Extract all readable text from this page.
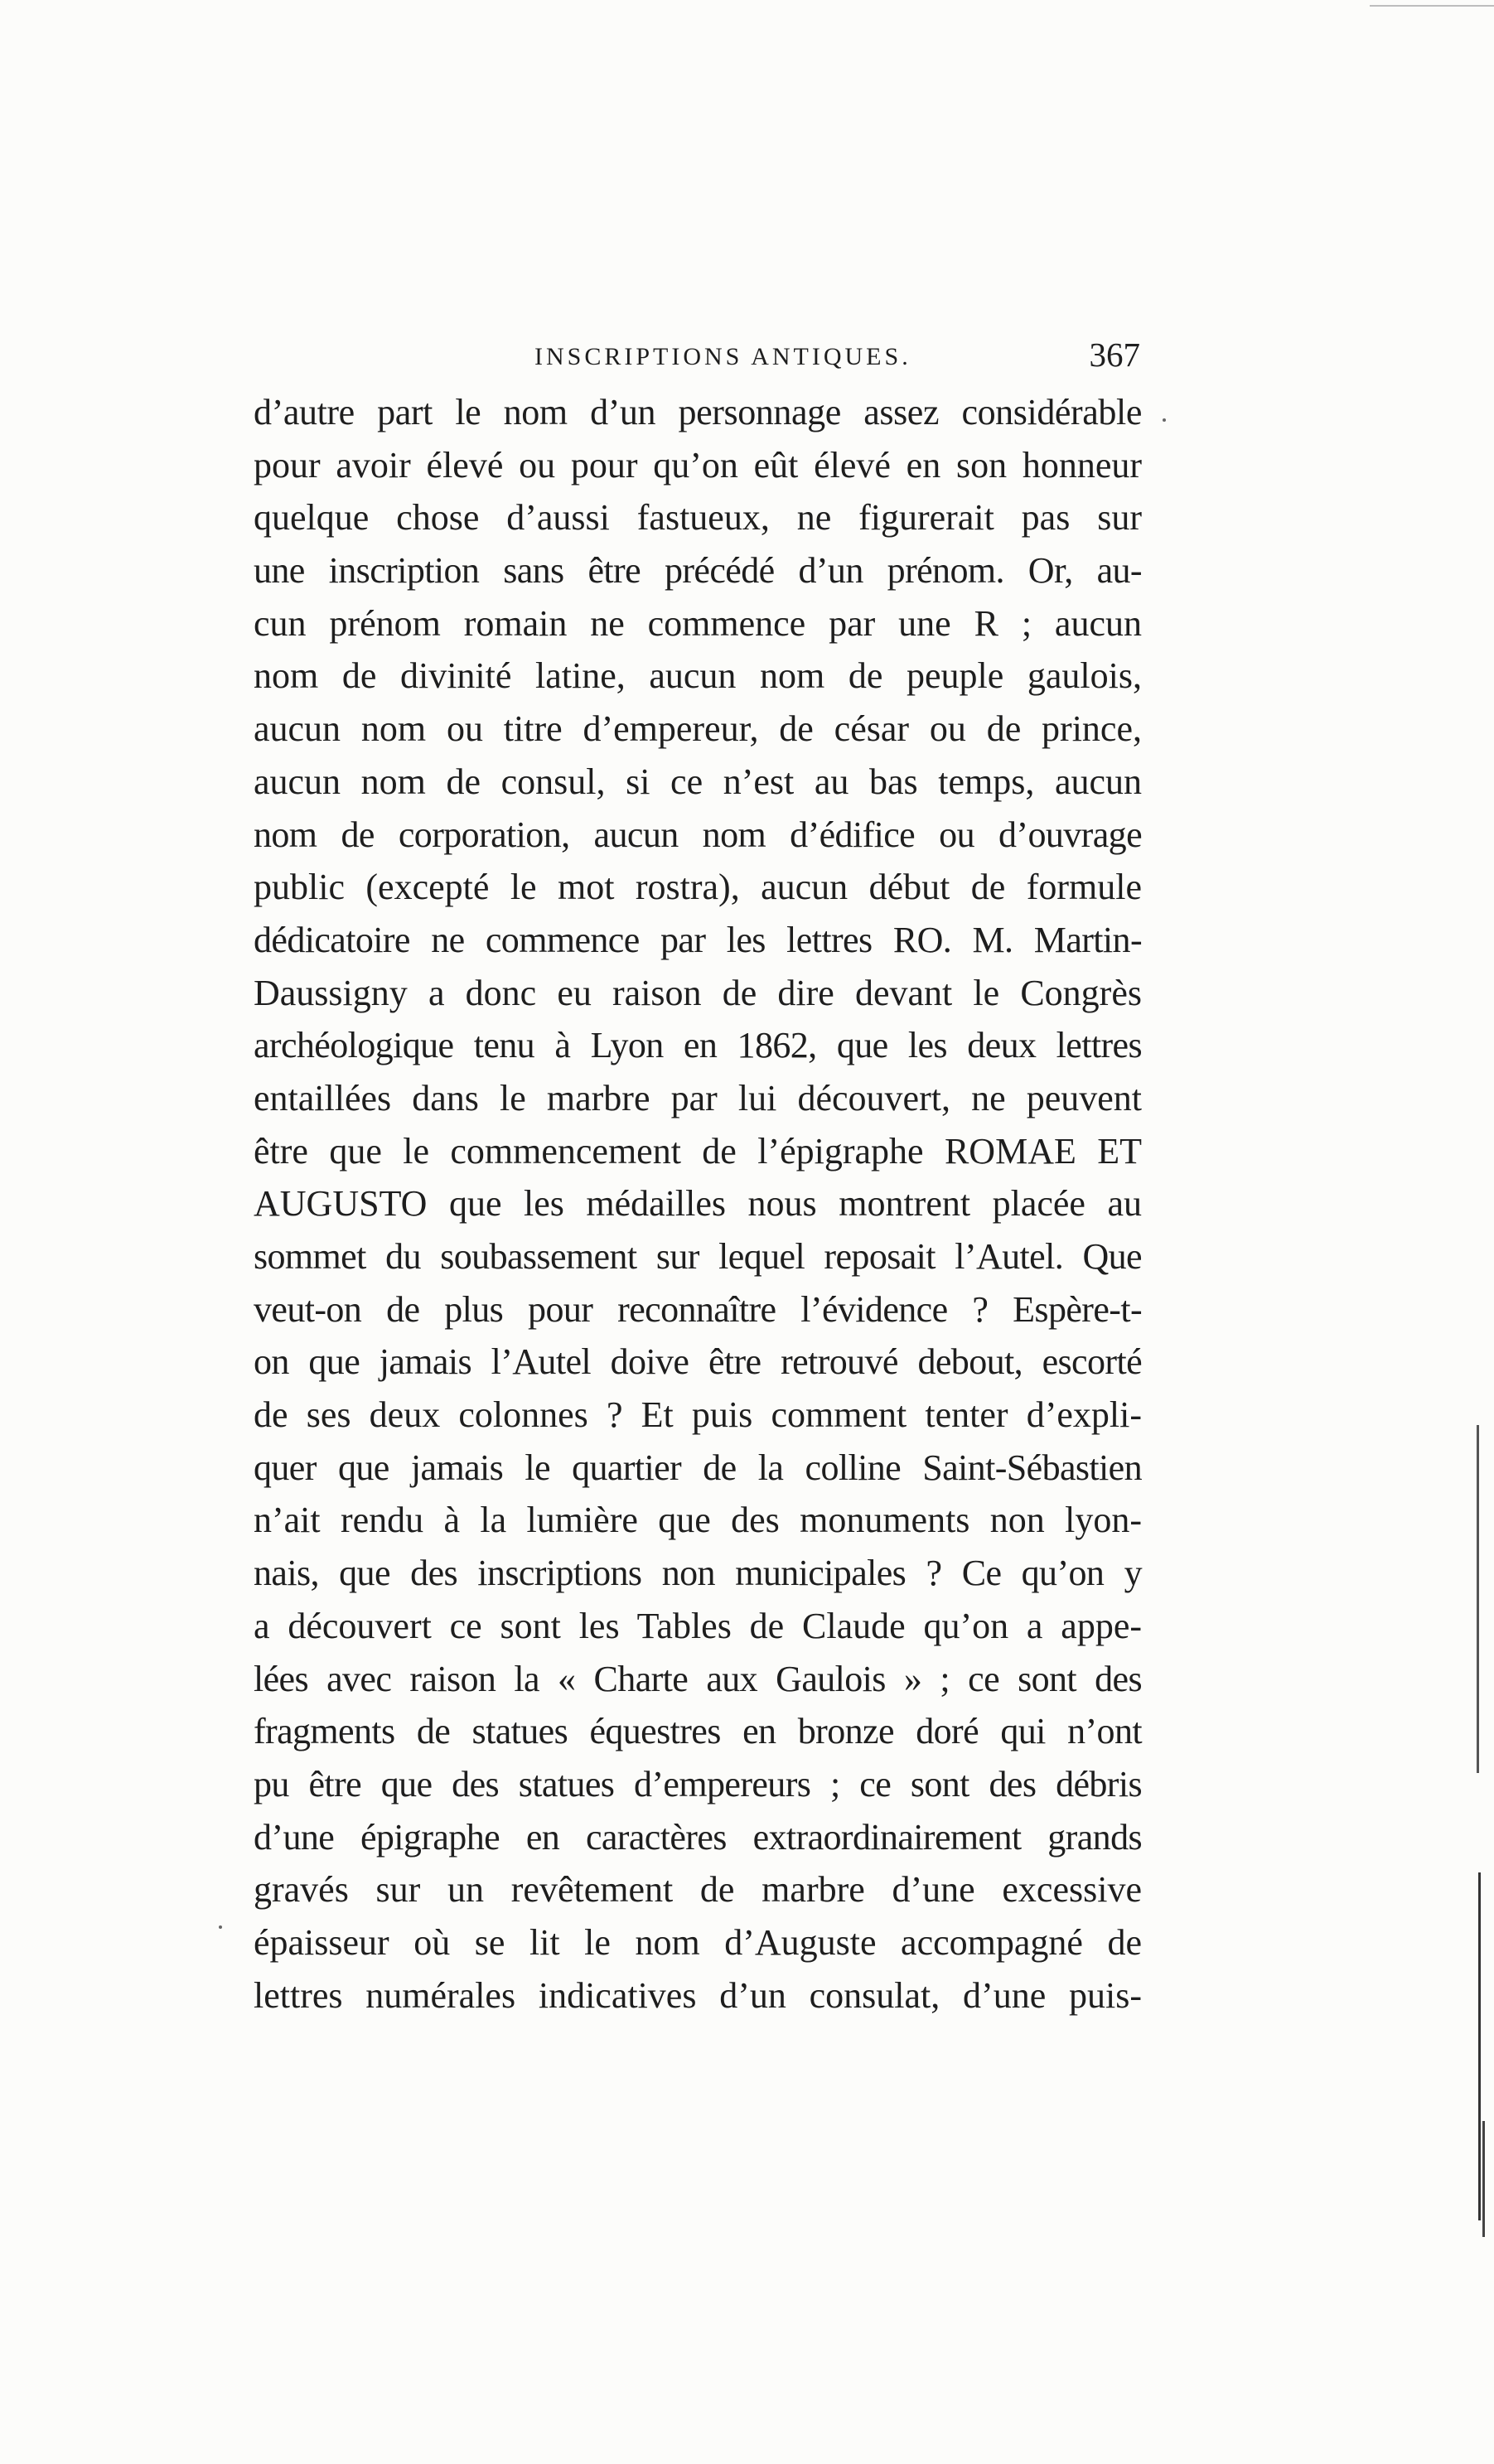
INSCRIPTIONS ANTIQUES.	367
d’autre part le nom d’un personnage assez considérable
pour avoir élevé ou pour qu’on eût élevé en son honneur
quelque chose d’aussi fastueux, ne figurerait pas sur
une inscription sans être précédé d’un prénom. Or, au-
cun prénom romain ne commence par une R ; aucun
nom de divinité latine, aucun nom de peuple gaulois,
aucun nom ou titre d’empereur, de césar ou de prince,
aucun nom de consul, si ce n’est au bas temps, aucun
nom de corporation, aucun nom d’édifice ou d’ouvrage
public (excepté le mot rostra), aucun début de formule
dédicatoire ne commence par les lettres RO. M. Martin-
Daussigny a donc eu raison de dire devant le Congrès
archéologique tenu à Lyon en 1862, que les deux lettres
entaillées dans le marbre par lui découvert, ne peuvent
être que le commencement de l’épigraphe ROMAE ET
AUGUSTO que les médailles nous montrent placée au
sommet du soubassement sur lequel reposait l’Autel. Que
veut-on de plus pour reconnaître l’évidence ? Espère-t-
on que jamais l’Autel doive être retrouvé debout, escorté
de ses deux colonnes ? Et puis comment tenter d’expli-
quer que jamais le quartier de la colline Saint-Sébastien
n’ait rendu à la lumière que des monuments non lyon-
nais, que des inscriptions non municipales ? Ce qu’on y
a découvert ce sont les Tables de Claude qu’on a appe-
lées avec raison la « Charte aux Gaulois » ; ce sont des
fragments de statues équestres en bronze doré qui n’ont
pu être que des statues d’empereurs ; ce sont des débris
d’une épigraphe en caractères extraordinairement grands
gravés sur un revêtement de marbre d’une excessive
épaisseur où se lit le nom d’Auguste accompagné de
lettres numérales indicatives d’un consulat, d’une puis-
